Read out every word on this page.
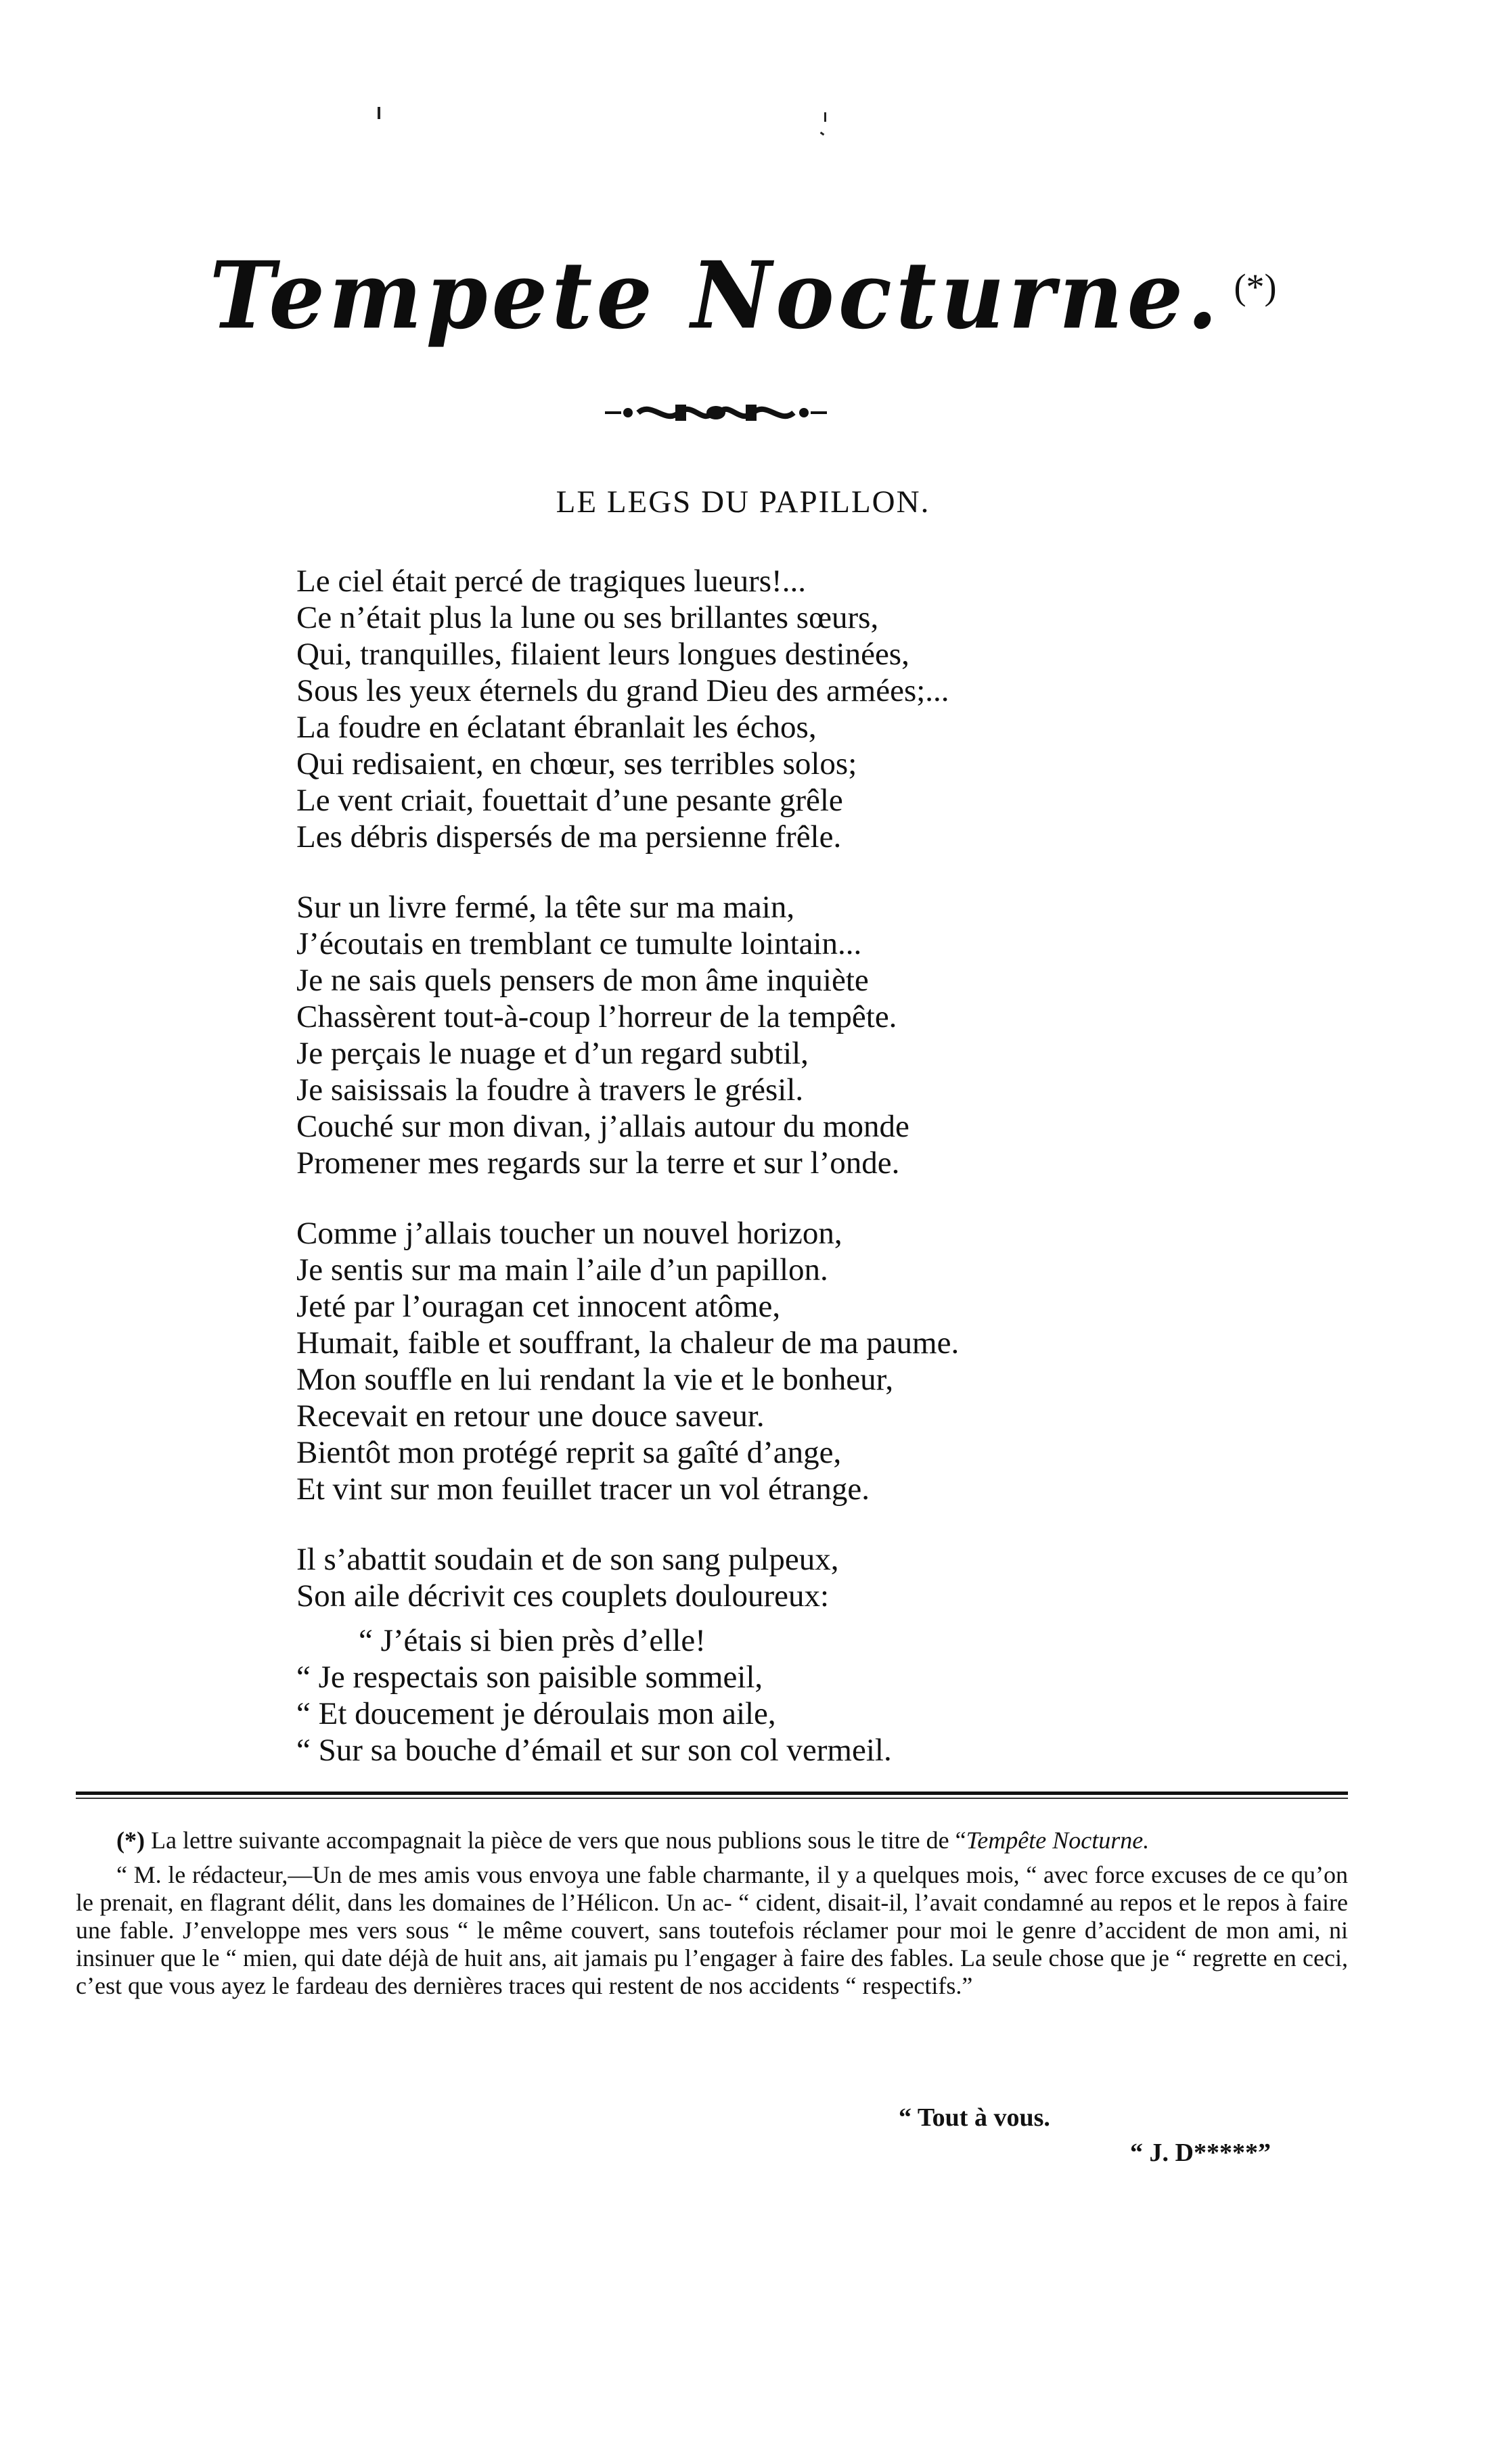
Tempete Nocturne. (*)
LE LEGS DU PAPILLON.
Le ciel était percé de tragiques lueurs!...
Ce n’était plus la lune ou ses brillantes sœurs,
Qui, tranquilles, filaient leurs longues destinées,
Sous les yeux éternels du grand Dieu des armées;...
La foudre en éclatant ébranlait les échos,
Qui redisaient, en chœur, ses terribles solos;
Le vent criait, fouettait d’une pesante grêle
Les débris dispersés de ma persienne frêle.
Sur un livre fermé, la tête sur ma main,
J’écoutais en tremblant ce tumulte lointain...
Je ne sais quels pensers de mon âme inquiète
Chassèrent tout-à-coup l’horreur de la tempête.
Je perçais le nuage et d’un regard subtil,
Je saisissais la foudre à travers le grésil.
Couché sur mon divan, j’allais autour du monde
Promener mes regards sur la terre et sur l’onde.
Comme j’allais toucher un nouvel horizon,
Je sentis sur ma main l’aile d’un papillon.
Jeté par l’ouragan cet innocent atôme,
Humait, faible et souffrant, la chaleur de ma paume.
Mon souffle en lui rendant la vie et le bonheur,
Recevait en retour une douce saveur.
Bientôt mon protégé reprit sa gaîté d’ange,
Et vint sur mon feuillet tracer un vol étrange.
Il s’abattit soudain et de son sang pulpeux,
Son aile décrivit ces couplets douloureux:
“ J’étais si bien près d’elle!
“ Je respectais son paisible sommeil,
“ Et doucement je déroulais mon aile,
“ Sur sa bouche d’émail et sur son col vermeil.

(*) La lettre suivante accompagnait la pièce de vers que nous publions sous le titre de “Tempête Nocturne.

“ M. le rédacteur,—Un de mes amis vous envoya une fable charmante, il y a quelques mois, “ avec force excuses de ce qu’on le prenait, en flagrant délit, dans les domaines de l’Hélicon. Un ac- “ cident, disait-il, l’avait condamné au repos et le repos à faire une fable. J’enveloppe mes vers sous “ le même couvert, sans toutefois réclamer pour moi le genre d’accident de mon ami, ni insinuer que le “ mien, qui date déjà de huit ans, ait jamais pu l’engager à faire des fables. La seule chose que je “ regrette en ceci, c’est que vous ayez le fardeau des dernières traces qui restent de nos accidents “ respectifs.”

“ Tout à vous.
“ J. D*****”
